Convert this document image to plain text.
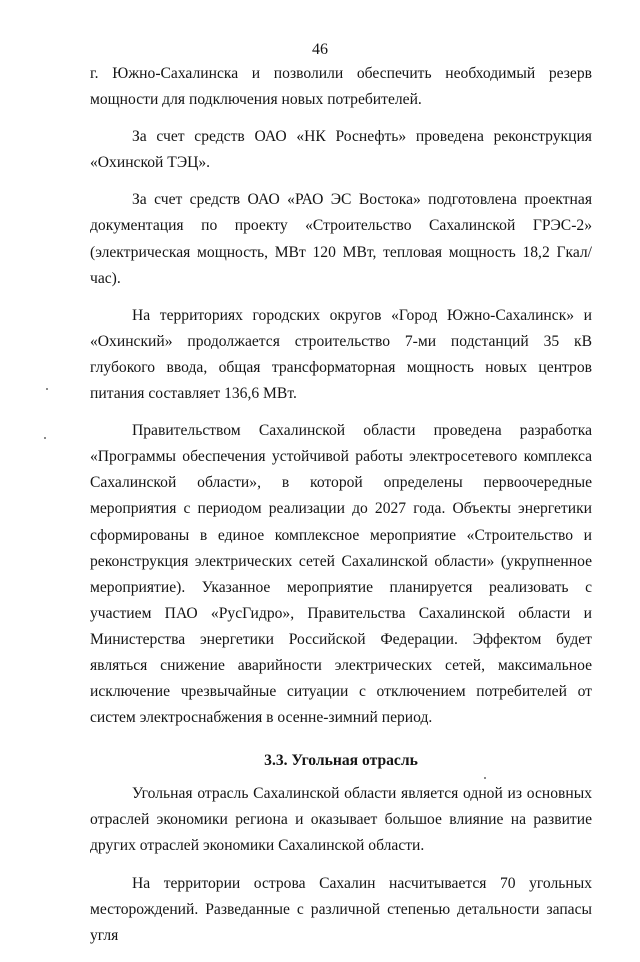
46

г. Южно-Сахалинска и позволили обеспечить необходимый резерв мощности для подключения новых потребителей.

За счет средств ОАО «НК Роснефть» проведена реконструкция «Охинской ТЭЦ».

За счет средств ОАО «РАО ЭС Востока» подготовлена проектная документация по проекту «Строительство Сахалинской ГРЭС-2» (электрическая мощность, МВт 120 МВт, тепловая мощность 18,2 Гкал/час).

На территориях городских округов «Город Южно-Сахалинск» и «Охинский» продолжается строительство 7-ми подстанций 35 кВ глубокого ввода, общая трансформаторная мощность новых центров питания составляет 136,6 МВт.

Правительством Сахалинской области проведена разработка «Программы обеспечения устойчивой работы электросетевого комплекса Сахалинской области», в которой определены первоочередные мероприятия с периодом реализации до 2027 года. Объекты энергетики сформированы в единое комплексное мероприятие «Строительство и реконструкция электрических сетей Сахалинской области» (укрупненное мероприятие). Указанное мероприятие планируется реализовать с участием ПАО «РусГидро», Правительства Сахалинской области и Министерства энергетики Российской Федерации. Эффектом будет являться снижение аварийности электрических сетей, максимальное исключение чрезвычайные ситуации с отключением потребителей от систем электроснабжения в осенне-зимний период.

3.3. Угольная отрасль

Угольная отрасль Сахалинской области является одной из основных отраслей экономики региона и оказывает большое влияние на развитие других отраслей экономики Сахалинской области.

На территории острова Сахалин насчитывается 70 угольных месторождений. Разведанные с различной степенью детальности запасы угля
